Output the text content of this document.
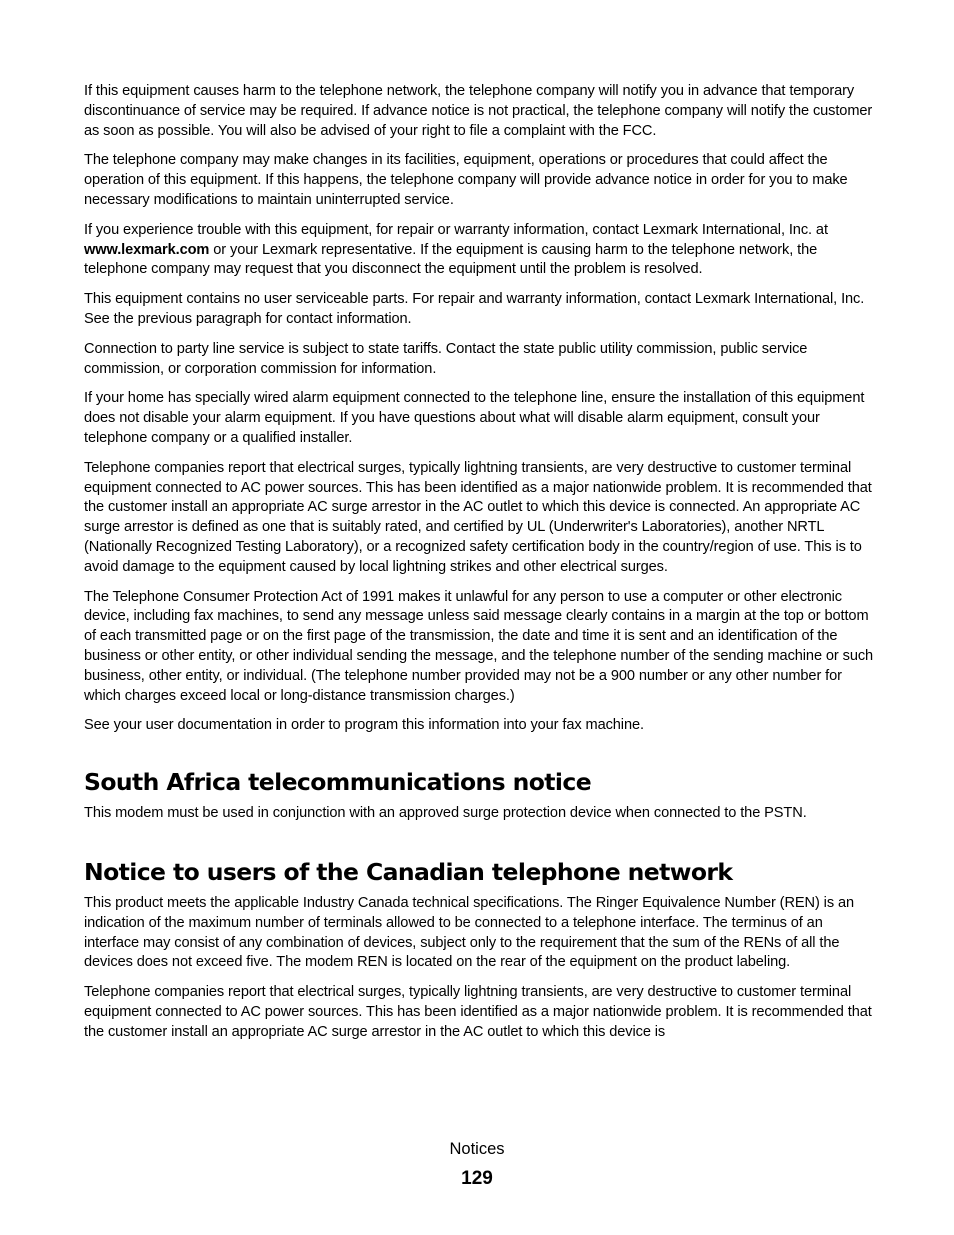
If this equipment causes harm to the telephone network, the telephone company will notify you in advance that temporary discontinuance of service may be required. If advance notice is not practical, the telephone company will notify the customer as soon as possible. You will also be advised of your right to file a complaint with the FCC.

The telephone company may make changes in its facilities, equipment, operations or procedures that could affect the operation of this equipment. If this happens, the telephone company will provide advance notice in order for you to make necessary modifications to maintain uninterrupted service.

If you experience trouble with this equipment, for repair or warranty information, contact Lexmark International, Inc. at www.lexmark.com or your Lexmark representative. If the equipment is causing harm to the telephone network, the telephone company may request that you disconnect the equipment until the problem is resolved.

This equipment contains no user serviceable parts. For repair and warranty information, contact Lexmark International, Inc. See the previous paragraph for contact information.

Connection to party line service is subject to state tariffs. Contact the state public utility commission, public service commission, or corporation commission for information.

If your home has specially wired alarm equipment connected to the telephone line, ensure the installation of this equipment does not disable your alarm equipment. If you have questions about what will disable alarm equipment, consult your telephone company or a qualified installer.

Telephone companies report that electrical surges, typically lightning transients, are very destructive to customer terminal equipment connected to AC power sources. This has been identified as a major nationwide problem. It is recommended that the customer install an appropriate AC surge arrestor in the AC outlet to which this device is connected. An appropriate AC surge arrestor is defined as one that is suitably rated, and certified by UL (Underwriter's Laboratories), another NRTL (Nationally Recognized Testing Laboratory), or a recognized safety certification body in the country/region of use. This is to avoid damage to the equipment caused by local lightning strikes and other electrical surges.

The Telephone Consumer Protection Act of 1991 makes it unlawful for any person to use a computer or other electronic device, including fax machines, to send any message unless said message clearly contains in a margin at the top or bottom of each transmitted page or on the first page of the transmission, the date and time it is sent and an identification of the business or other entity, or other individual sending the message, and the telephone number of the sending machine or such business, other entity, or individual. (The telephone number provided may not be a 900 number or any other number for which charges exceed local or long-distance transmission charges.)

See your user documentation in order to program this information into your fax machine.

South Africa telecommunications notice

This modem must be used in conjunction with an approved surge protection device when connected to the PSTN.

Notice to users of the Canadian telephone network

This product meets the applicable Industry Canada technical specifications. The Ringer Equivalence Number (REN) is an indication of the maximum number of terminals allowed to be connected to a telephone interface. The terminus of an interface may consist of any combination of devices, subject only to the requirement that the sum of the RENs of all the devices does not exceed five. The modem REN is located on the rear of the equipment on the product labeling.

Telephone companies report that electrical surges, typically lightning transients, are very destructive to customer terminal equipment connected to AC power sources. This has been identified as a major nationwide problem. It is recommended that the customer install an appropriate AC surge arrestor in the AC outlet to which this device is

Notices
129
